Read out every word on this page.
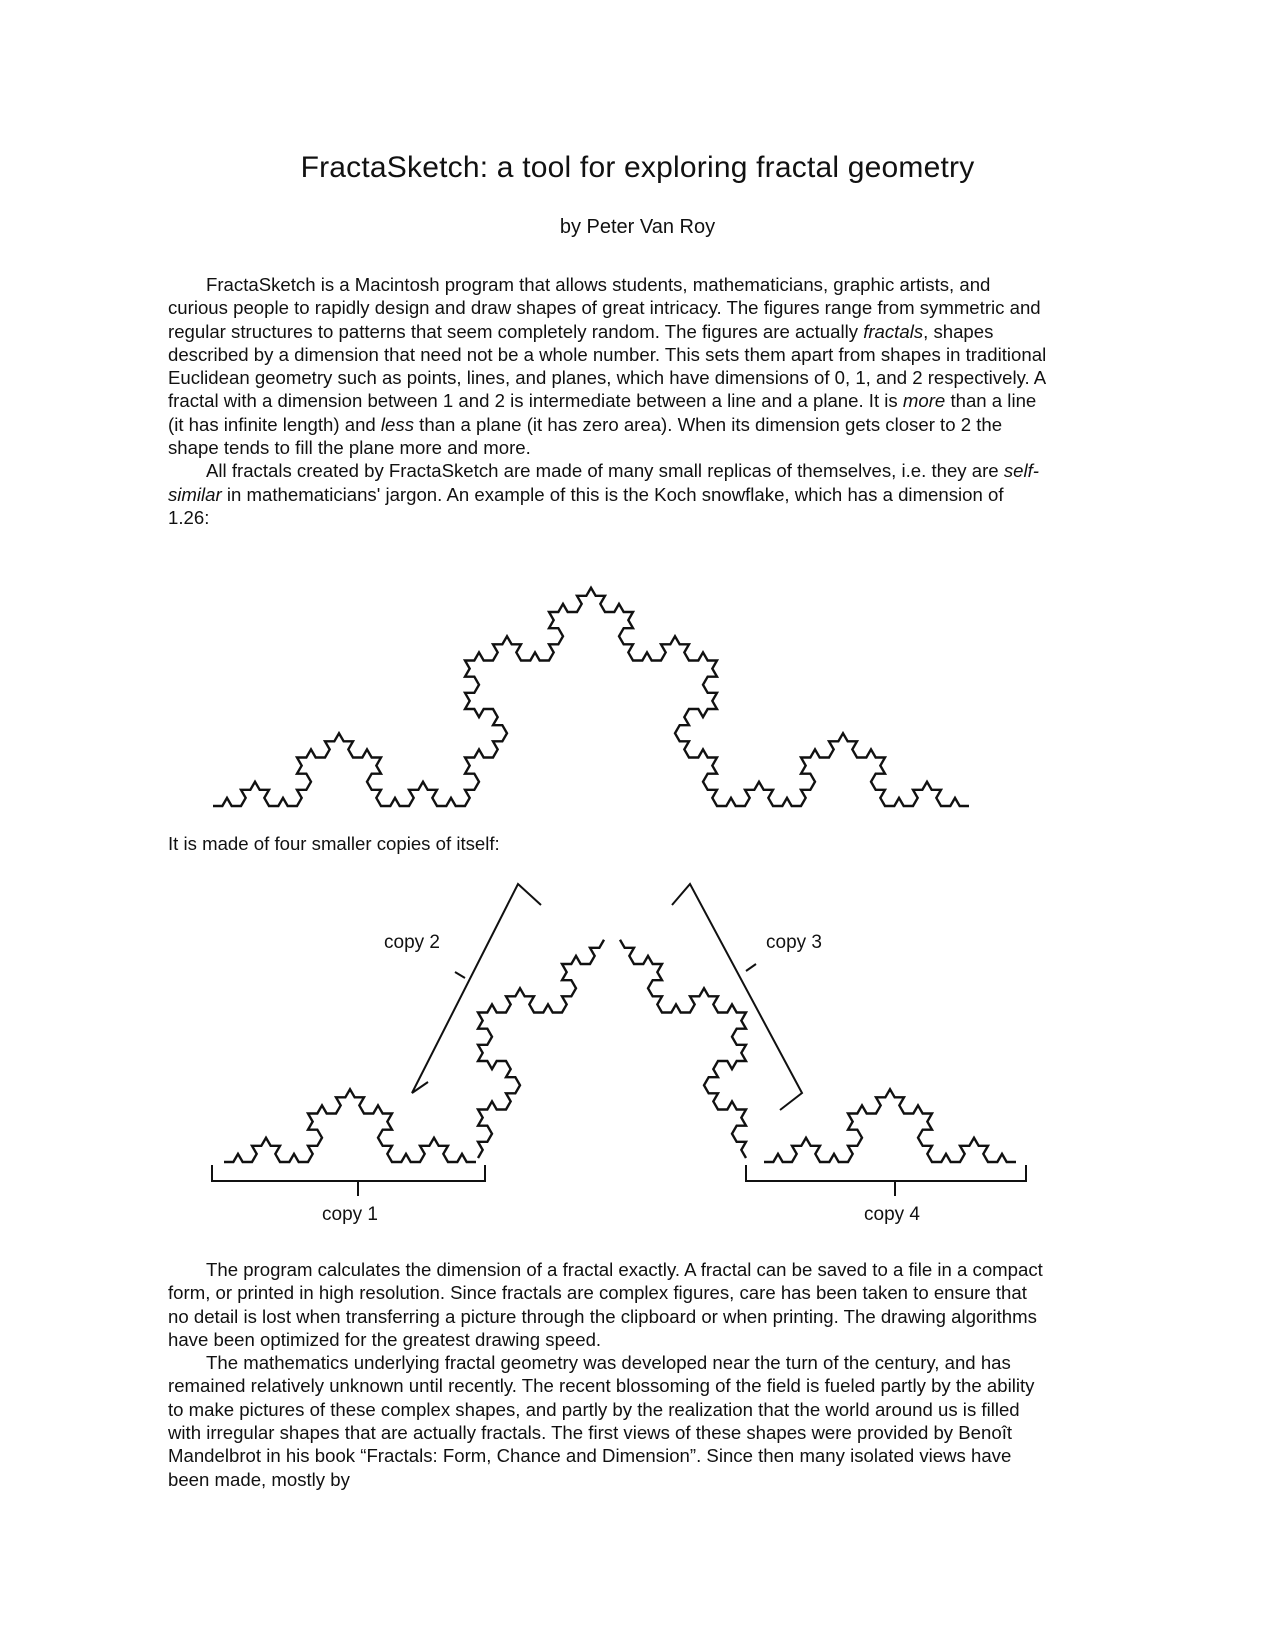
FractaSketch: a tool for exploring fractal geometry
by Peter Van Roy

FractaSketch is a Macintosh program that allows students, mathematicians, graphic artists, and curious people to rapidly design and draw shapes of great intricacy. The figures range from symmetric and regular structures to patterns that seem completely random. The figures are actually fractals, shapes described by a dimension that need not be a whole number. This sets them apart from shapes in traditional Euclidean geometry such as points, lines, and planes, which have dimensions of 0, 1, and 2 respectively. A fractal with a dimension between 1 and 2 is intermediate between a line and a plane. It is more than a line (it has infinite length) and less than a plane (it has zero area). When its dimension gets closer to 2 the shape tends to fill the plane more and more.

All fractals created by FractaSketch are made of many small replicas of themselves, i.e. they are self-similar in mathematicians' jargon. An example of this is the Koch snowflake, which has a dimension of 1.26:

It is made of four smaller copies of itself:

copy 1
copy 2	copy 3
copy 4

The program calculates the dimension of a fractal exactly. A fractal can be saved to a file in a compact form, or printed in high resolution. Since fractals are complex figures, care has been taken to ensure that no detail is lost when transferring a picture through the clipboard or when printing. The drawing algorithms have been optimized for the greatest drawing speed.

The mathematics underlying fractal geometry was developed near the turn of the century, and has remained relatively unknown until recently. The recent blossoming of the field is fueled partly by the ability to make pictures of these complex shapes, and partly by the realization that the world around us is filled with irregular shapes that are actually fractals. The first views of these shapes were provided by Benoît Mandelbrot in his book “Fractals: Form, Chance and Dimension”. Since then many isolated views have been made, mostly by
